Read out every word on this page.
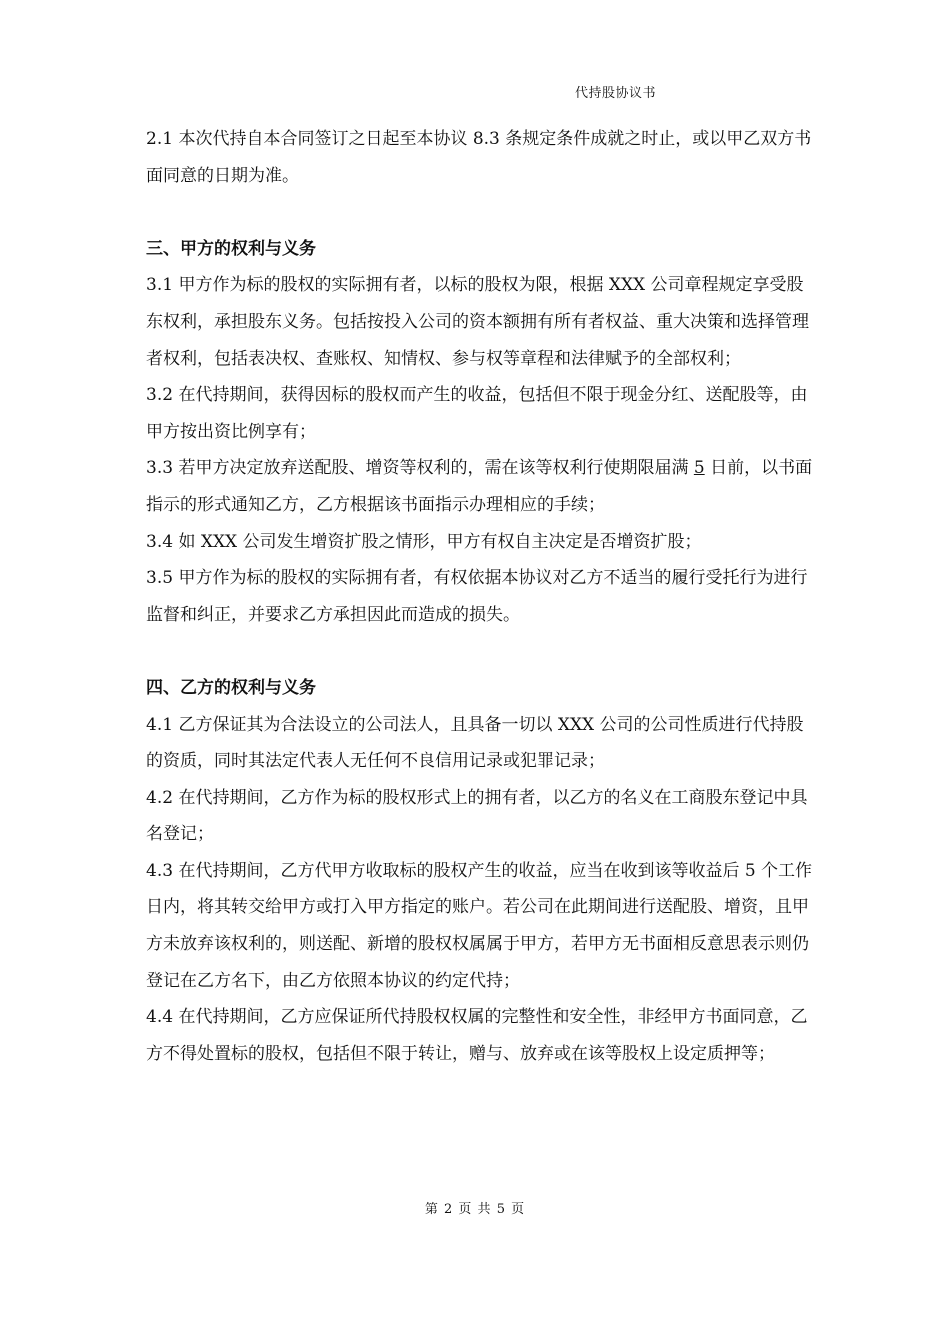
代持股协议书

2.1 本次代持自本合同签订之日起至本协议 8.3 条规定条件成就之时止，或以甲乙双方书面同意的日期为准。

三、甲方的权利与义务

3.1 甲方作为标的股权的实际拥有者，以标的股权为限，根据 XXX 公司章程规定享受股东权利，承担股东义务。包括按投入公司的资本额拥有所有者权益、重大决策和选择管理者权利，包括表决权、查账权、知情权、参与权等章程和法律赋予的全部权利；

3.2 在代持期间，获得因标的股权而产生的收益，包括但不限于现金分红、送配股等，由甲方按出资比例享有；

3.3 若甲方决定放弃送配股、增资等权利的，需在该等权利行使期限届满 5 日前，以书面指示的形式通知乙方，乙方根据该书面指示办理相应的手续；

3.4 如 XXX 公司发生增资扩股之情形，甲方有权自主决定是否增资扩股；

3.5 甲方作为标的股权的实际拥有者，有权依据本协议对乙方不适当的履行受托行为进行监督和纠正，并要求乙方承担因此而造成的损失。

四、乙方的权利与义务

4.1 乙方保证其为合法设立的公司法人，且具备一切以 XXX 公司的公司性质进行代持股的资质，同时其法定代表人无任何不良信用记录或犯罪记录；

4.2 在代持期间，乙方作为标的股权形式上的拥有者，以乙方的名义在工商股东登记中具名登记；

4.3 在代持期间，乙方代甲方收取标的股权产生的收益，应当在收到该等收益后 5 个工作日内，将其转交给甲方或打入甲方指定的账户。若公司在此期间进行送配股、增资，且甲方未放弃该权利的，则送配、新增的股权权属属于甲方，若甲方无书面相反意思表示则仍登记在乙方名下，由乙方依照本协议的约定代持；

4.4 在代持期间，乙方应保证所代持股权权属的完整性和安全性，非经甲方书面同意，乙方不得处置标的股权，包括但不限于转让，赠与、放弃或在该等股权上设定质押等；

第 2 页 共 5 页
